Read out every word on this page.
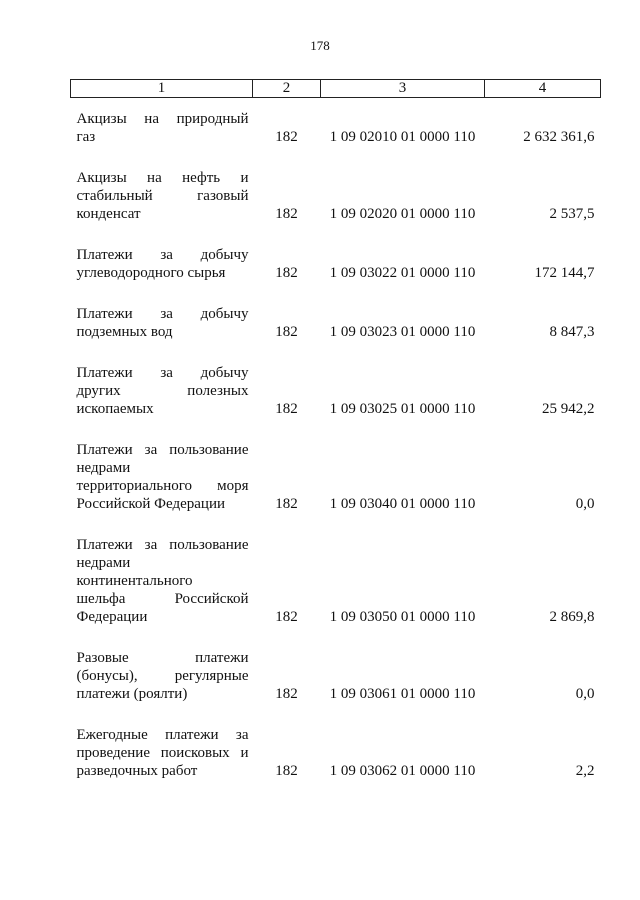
178
1	2	3	4

Акцизы на природный
газ	182	1 09 02010 01 0000 110	2 632 361,6

Акцизы на нефть и
стабильный газовый
конденсат	182	1 09 02020 01 0000 110	2 537,5

Платежи за добычу
углеводородного сырья	182	1 09 03022 01 0000 110	172 144,7

Платежи за добычу
подземных вод	182	1 09 03023 01 0000 110	8 847,3

Платежи за добычу
других полезных
ископаемых	182	1 09 03025 01 0000 110	25 942,2

Платежи за пользование
недрами
территориального моря
Российской Федерации	182	1 09 03040 01 0000 110	0,0

Платежи за пользование
недрами
континентального
шельфа Российской
Федерации	182	1 09 03050 01 0000 110	2 869,8

Разовые платежи
(бонусы), регулярные
платежи (роялти)	182	1 09 03061 01 0000 110	0,0

Ежегодные платежи за
проведение поисковых и
разведочных работ	182	1 09 03062 01 0000 110	2,2
